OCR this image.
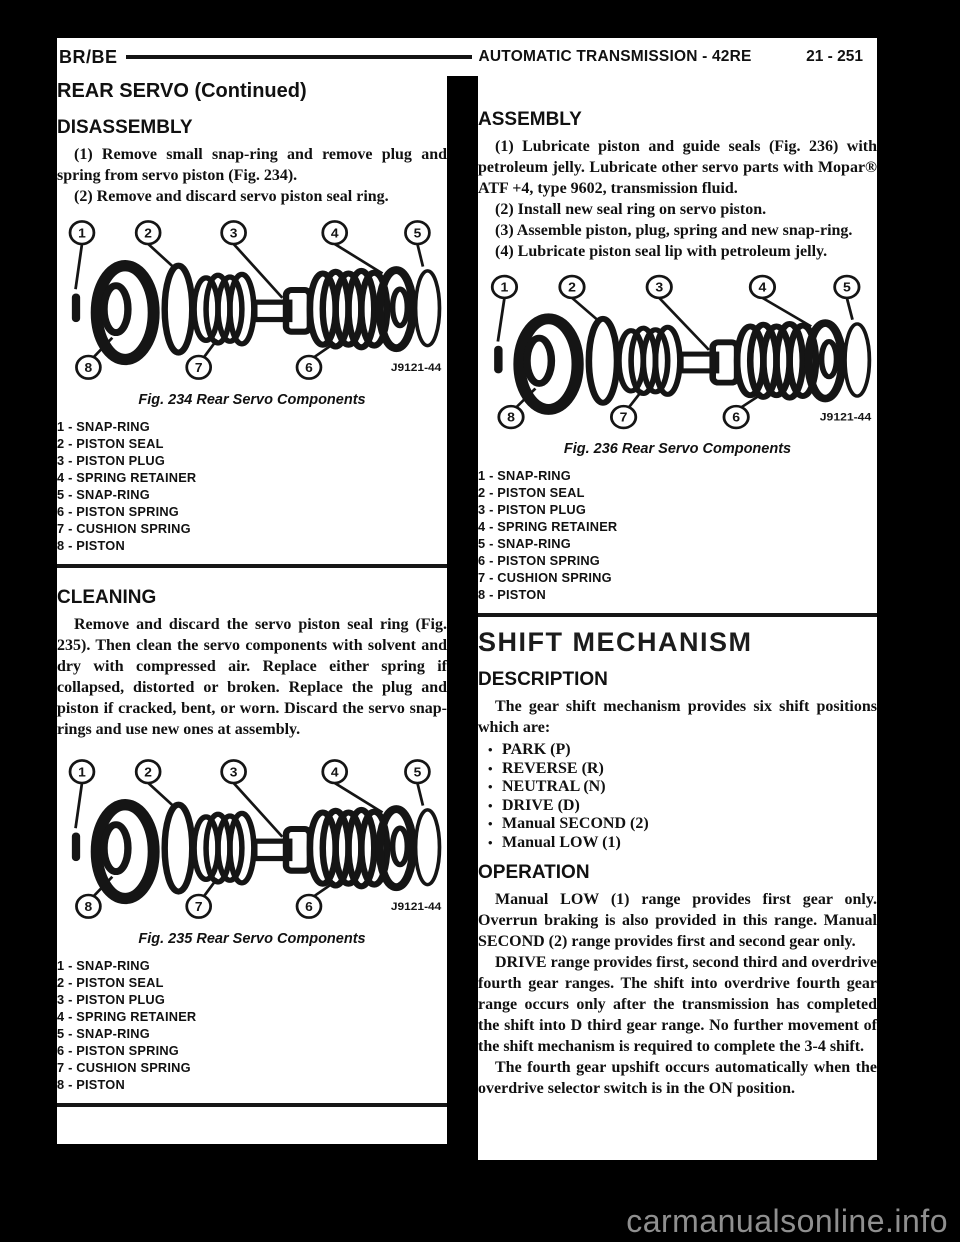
BR/BE	AUTOMATIC TRANSMISSION - 42RE	21 - 251
REAR SERVO (Continued)
DISASSEMBLY

(1) Remove small snap-ring and remove plug and spring from servo piston (Fig. 234).

(2) Remove and discard servo piston seal ring.

1	2	3	4	5
8	7	6	J9121-44
Fig. 234 Rear Servo Components
1 - SNAP-RING
2 - PISTON SEAL
3 - PISTON PLUG
4 - SPRING RETAINER
5 - SNAP-RING
6 - PISTON SPRING
7 - CUSHION SPRING
8 - PISTON
CLEANING

Remove and discard the servo piston seal ring (Fig. 235). Then clean the servo components with solvent and dry with compressed air. Replace either spring if collapsed, distorted or broken. Replace the plug and piston if cracked, bent, or worn. Discard the servo snap-rings and use new ones at assembly.

1	2	3	4	5
8	7	6	J9121-44
Fig. 235 Rear Servo Components
1 - SNAP-RING
2 - PISTON SEAL
3 - PISTON PLUG
4 - SPRING RETAINER
5 - SNAP-RING
6 - PISTON SPRING
7 - CUSHION SPRING
8 - PISTON
ASSEMBLY

(1) Lubricate piston and guide seals (Fig. 236) with petroleum jelly. Lubricate other servo parts with Mopar® ATF +4, type 9602, transmission fluid.

(2) Install new seal ring on servo piston.

(3) Assemble piston, plug, spring and new snap-ring.

(4) Lubricate piston seal lip with petroleum jelly.

1	2	3	4	5
8	7	6	J9121-44
Fig. 236 Rear Servo Components
1 - SNAP-RING
2 - PISTON SEAL
3 - PISTON PLUG
4 - SPRING RETAINER
5 - SNAP-RING
6 - PISTON SPRING
7 - CUSHION SPRING
8 - PISTON
SHIFT MECHANISM
DESCRIPTION

The gear shift mechanism provides six shift positions which are:

• PARK (P)
• REVERSE (R)
• NEUTRAL (N)
• DRIVE (D)
• Manual SECOND (2)
• Manual LOW (1)
OPERATION

Manual LOW (1) range provides first gear only. Overrun braking is also provided in this range. Manual SECOND (2) range provides first and second gear only.

DRIVE range provides first, second third and overdrive fourth gear ranges. The shift into overdrive fourth gear range occurs only after the transmission has completed the shift into D third gear range. No further movement of the shift mechanism is required to complete the 3-4 shift.

The fourth gear upshift occurs automatically when the overdrive selector switch is in the ON position.

carmanualsonline.info
